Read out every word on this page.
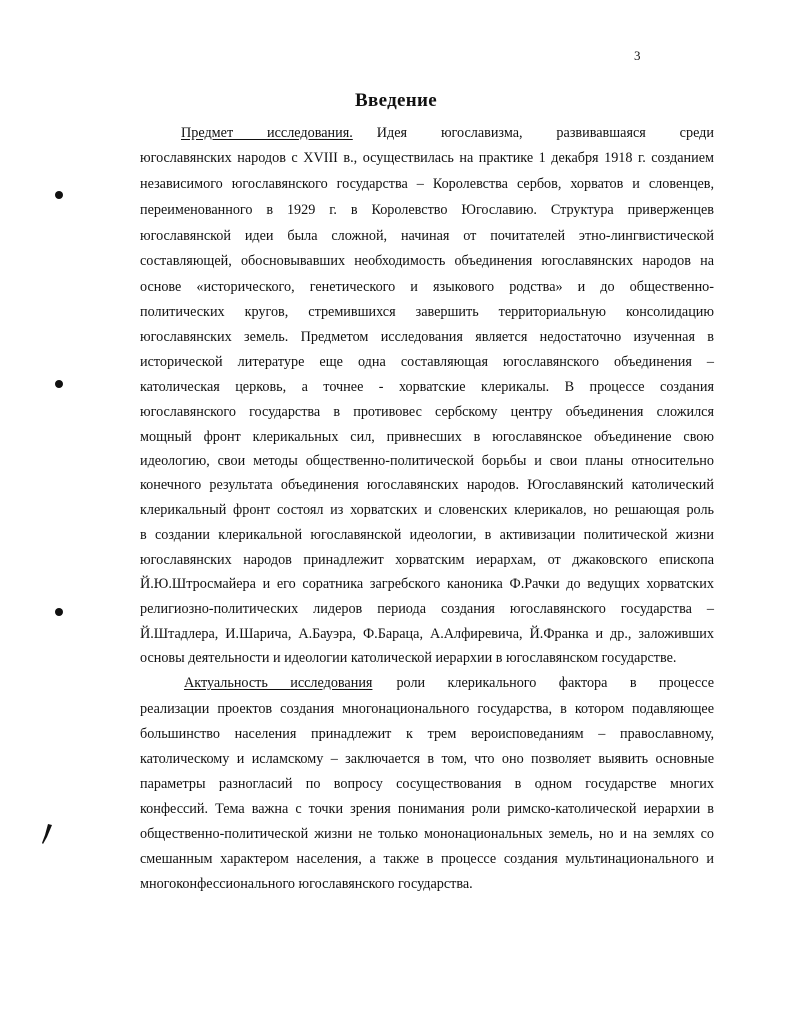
3
Введение
Предмет исследования. Идея югославизма, развивавшаяся среди
югославянских народов с XVIII в., осуществилась на практике 1 декабря 1918 г. созданием
независимого югославянского государства – Королевства сербов, хорватов и словенцев,
переименованного в 1929 г. в Королевство Югославию. Структура приверженцев
югославянской идеи была сложной, начиная от почитателей этно-лингвистической
составляющей, обосновывавших необходимость объединения югославянских народов на
основе «исторического, генетического и языкового родства» и до общественно-
политических кругов, стремившихся завершить территориальную консолидацию
югославянских земель. Предметом исследования является недостаточно изученная в
исторической литературе еще одна составляющая югославянского объединения –
католическая церковь, а точнее - хорватские клерикалы. В процессе создания
югославянского государства в противовес сербскому центру объединения сложился
мощный фронт клерикальных сил, привнесших в югославянское объединение свою
идеологию, свои методы общественно-политической борьбы и свои планы относительно
конечного результата объединения югославянских народов. Югославянский католический
клерикальный фронт состоял из хорватских и словенских клерикалов, но решающая роль
в создании клерикальной югославянской идеологии, в активизации политической жизни
югославянских народов принадлежит хорватским иерархам, от джаковского епископа
Й.Ю.Штросмайера и его соратника загребского каноника Ф.Рачки до ведущих хорватских
религиозно-политических лидеров периода создания югославянского государства –
Й.Штадлера, И.Шарича, А.Бауэра, Ф.Бараца, А.Алфиревича, Й.Франка и др., заложивших
основы деятельности и идеологии католической иерархии в югославянском государстве.
Актуальность исследования роли клерикального фактора в процессе
реализации проектов создания многонационального государства, в котором подавляющее
большинство населения принадлежит к трем вероисповеданиям – православному,
католическому и исламскому – заключается в том, что оно позволяет выявить основные
параметры разногласий по вопросу сосуществования в одном государстве многих
конфессий. Тема важна с точки зрения понимания роли римско-католической иерархии в
общественно-политической жизни не только мононациональных земель, но и на землях со
смешанным характером населения, а также в процессе создания мультинационального и
многоконфессионального югославянского государства.
